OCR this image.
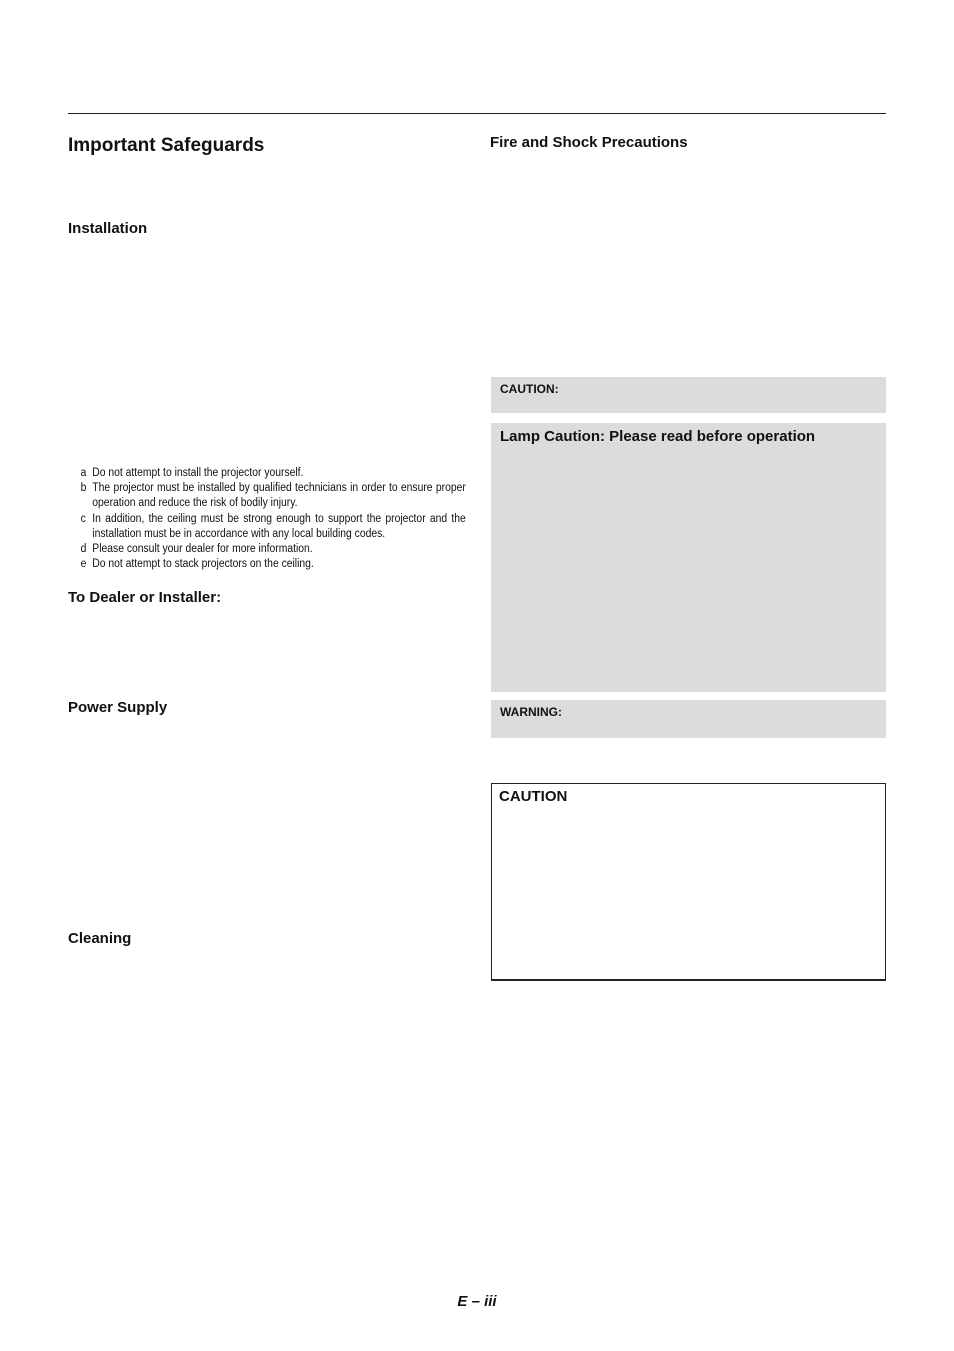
Important Safeguards
Installation
a Do not attempt to install the projector yourself.
b The projector must be installed by qualified technicians in order to ensure proper operation and reduce the risk of bodily injury.
c In addition, the ceiling must be strong enough to support the projector and the installation must be in accordance with any local building codes.
d Please consult your dealer for more information.
e Do not attempt to stack projectors on the ceiling.
To Dealer or Installer:
Power Supply
Cleaning
Fire and Shock Precautions
CAUTION:
Lamp Caution: Please read before operation
WARNING:
CAUTION
E – iii
